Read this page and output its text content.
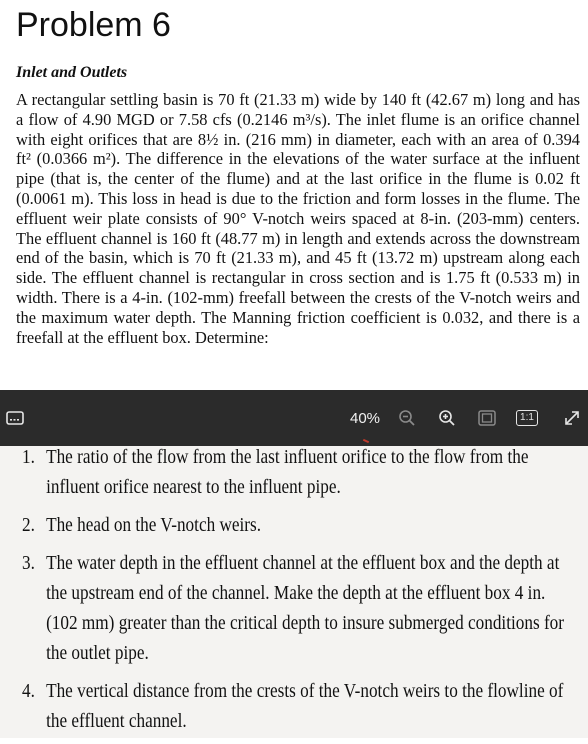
Problem 6
Inlet and Outlets

A rectangular settling basin is 70 ft (21.33 m) wide by 140 ft (42.67 m) long and has a flow of 4.90 MGD or 7.58 cfs (0.2146 m³/s). The inlet flume is an orifice channel with eight orifices that are 8½ in. (216 mm) in diameter, each with an area of 0.394 ft² (0.0366 m²). The difference in the elevations of the water surface at the influent pipe (that is, the center of the flume) and at the last orifice in the flume is 0.02 ft (0.0061 m). This loss in head is due to the friction and form losses in the flume. The effluent weir plate consists of 90° V-notch weirs spaced at 8-in. (203-mm) centers. The effluent channel is 160 ft (48.77 m) in length and extends across the downstream end of the basin, which is 70 ft (21.33 m), and 45 ft (13.72 m) upstream along each side. The effluent channel is rectangular in cross section and is 1.75 ft (0.533 m) in width. There is a 4-in. (102-mm) freefall between the crests of the V-notch weirs and the maximum water depth. The Manning friction coefficient is 0.032, and there is a freefall at the effluent box. Determine:

40%	1:1
1. The ratio of the flow from the last influent orifice to the flow from the influent orifice nearest to the influent pipe.
2. The head on the V-notch weirs.
3. The water depth in the effluent channel at the effluent box and the depth at the upstream end of the channel. Make the depth at the effluent box 4 in. (102 mm) greater than the critical depth to insure submerged conditions for the outlet pipe.
4. The vertical distance from the crests of the V-notch weirs to the flowline of the effluent channel.
